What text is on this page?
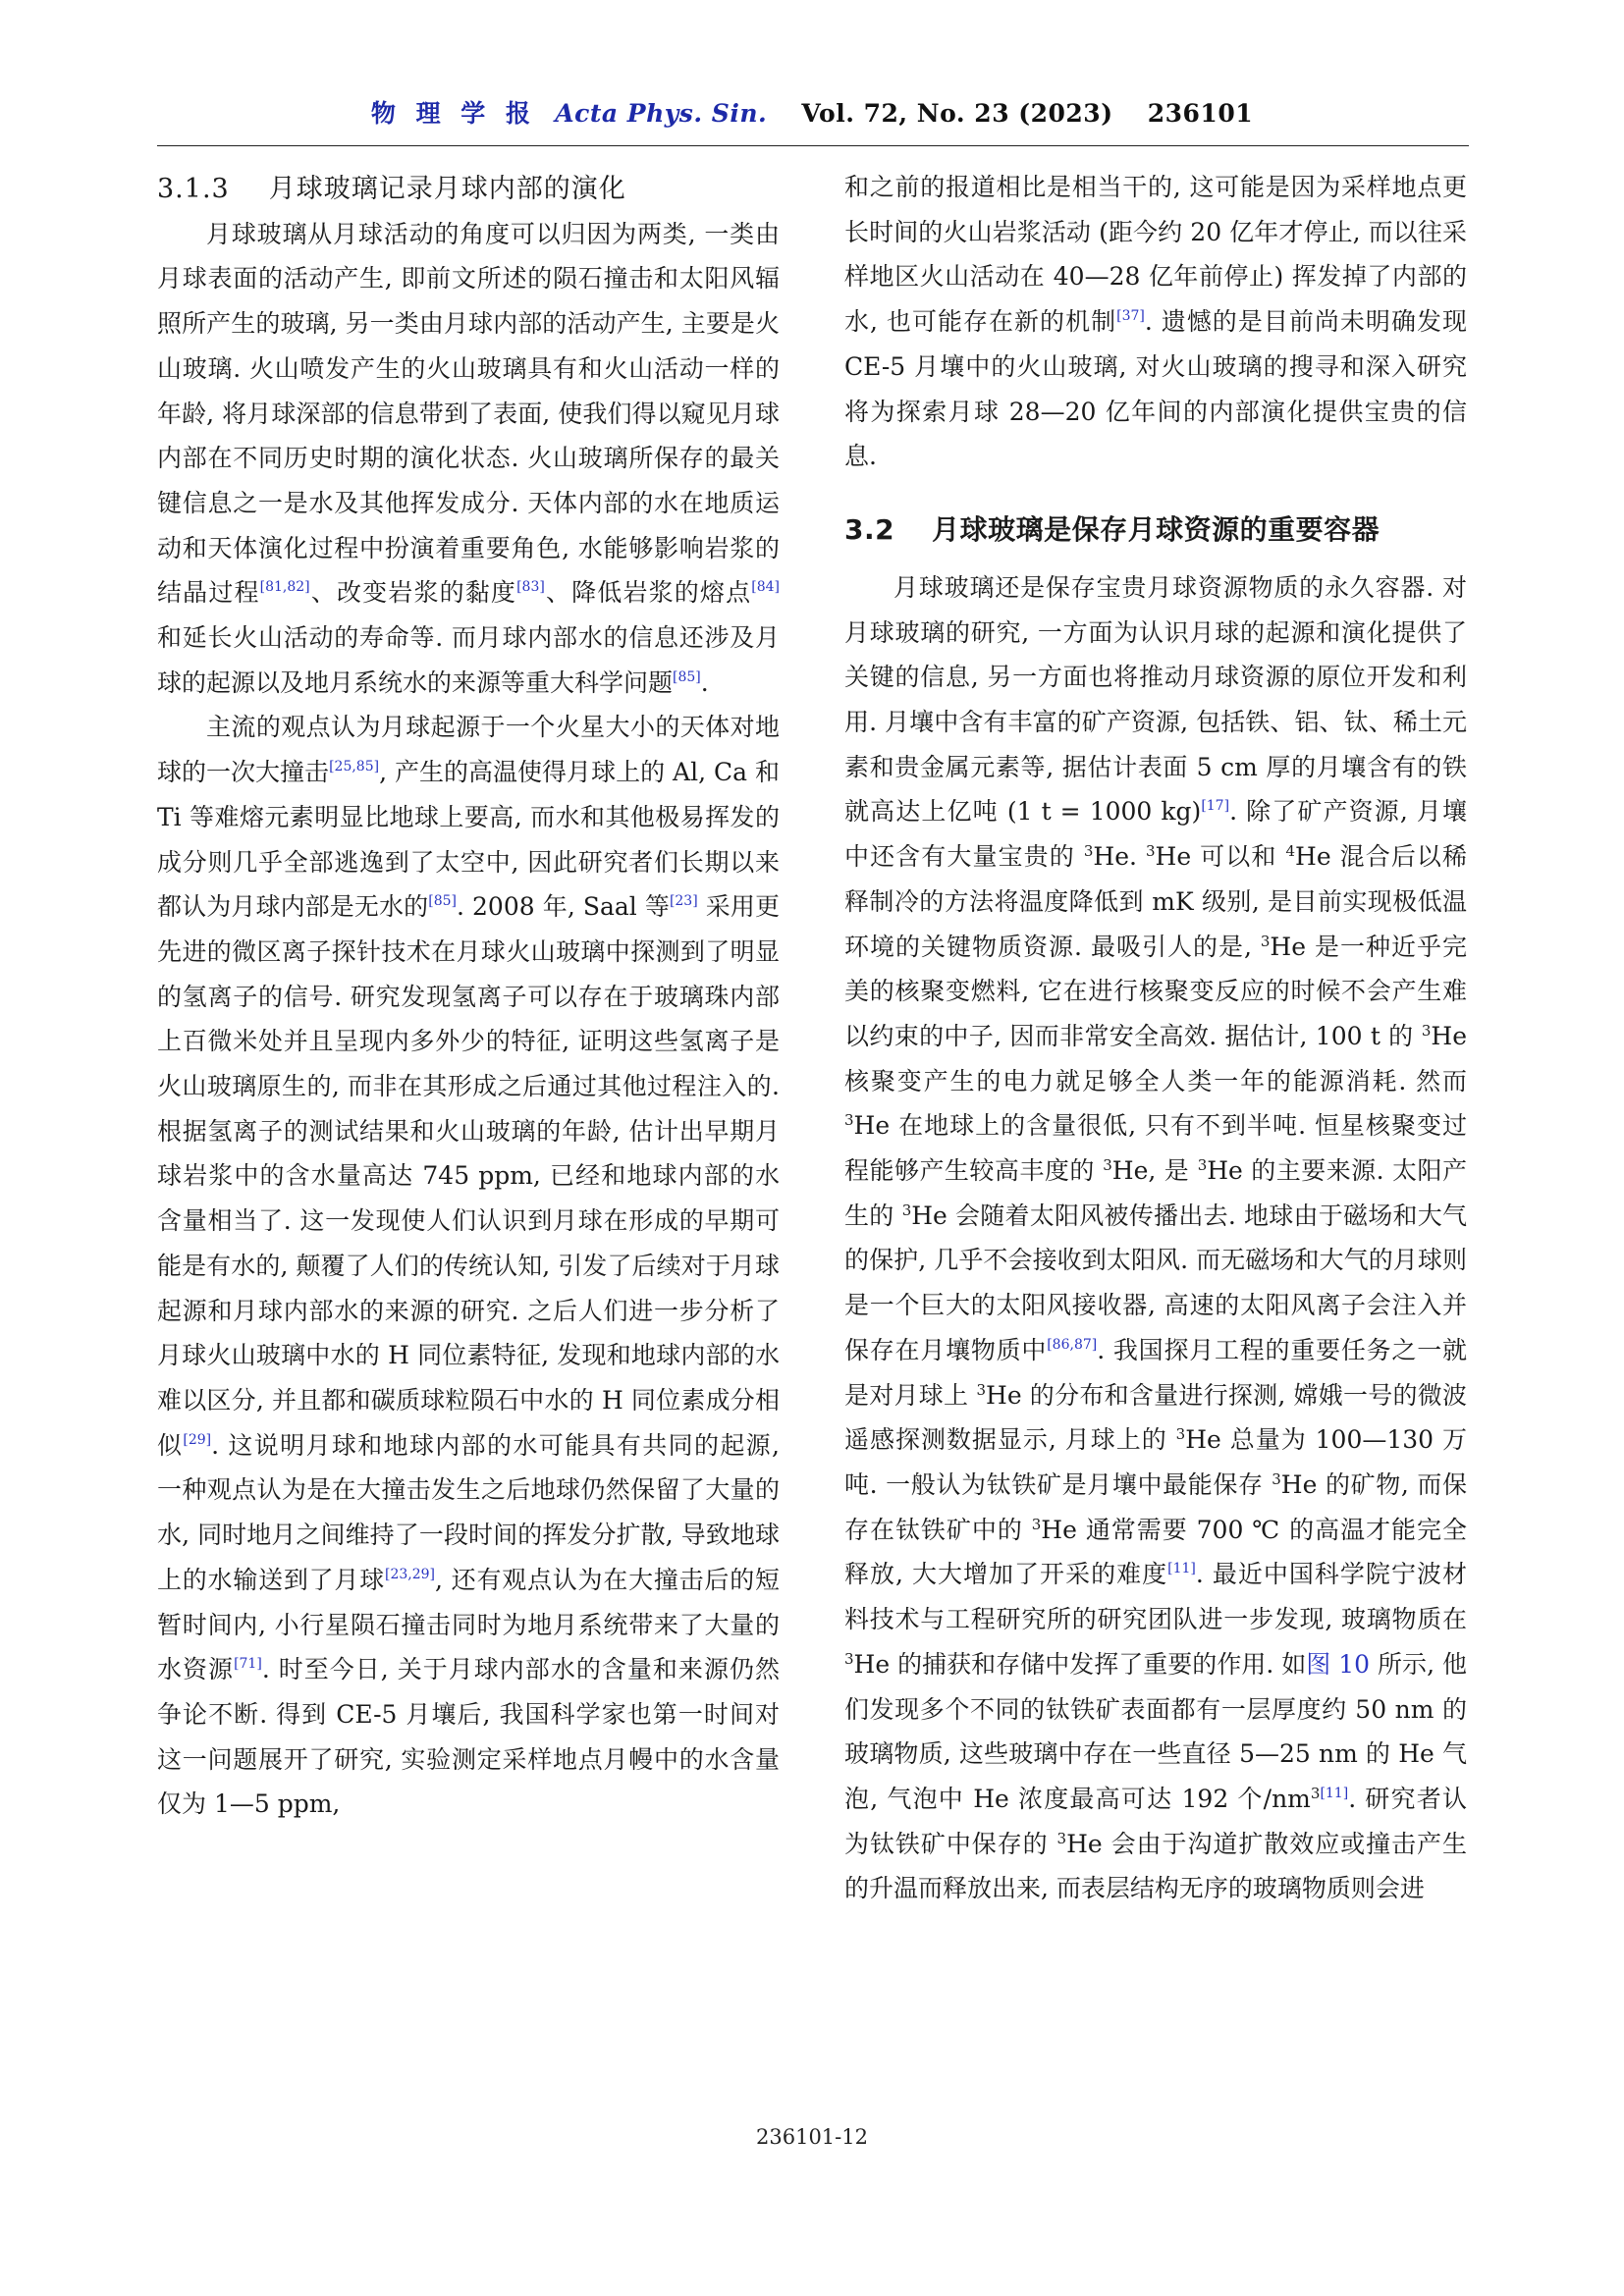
物 理 学 报 Acta Phys. Sin. Vol. 72, No. 23 (2023) 236101
3.1.3 月球玻璃记录月球内部的演化

月球玻璃从月球活动的角度可以归因为两类, 一类由月球表面的活动产生, 即前文所述的陨石撞击和太阳风辐照所产生的玻璃, 另一类由月球内部的活动产生, 主要是火山玻璃. 火山喷发产生的火山玻璃具有和火山活动一样的年龄, 将月球深部的信息带到了表面, 使我们得以窥见月球内部在不同历史时期的演化状态. 火山玻璃所保存的最关键信息之一是水及其他挥发成分. 天体内部的水在地质运动和天体演化过程中扮演着重要角色, 水能够影响岩浆的结晶过程[81,82]、改变岩浆的黏度[83]、降低岩浆的熔点[84] 和延长火山活动的寿命等. 而月球内部水的信息还涉及月球的起源以及地月系统水的来源等重大科学问题[85].

主流的观点认为月球起源于一个火星大小的天体对地球的一次大撞击[25,85], 产生的高温使得月球上的 Al, Ca 和 Ti 等难熔元素明显比地球上要高, 而水和其他极易挥发的成分则几乎全部逃逸到了太空中, 因此研究者们长期以来都认为月球内部是无水的[85]. 2008 年, Saal 等[23] 采用更先进的微区离子探针技术在月球火山玻璃中探测到了明显的氢离子的信号. 研究发现氢离子可以存在于玻璃珠内部上百微米处并且呈现内多外少的特征, 证明这些氢离子是火山玻璃原生的, 而非在其形成之后通过其他过程注入的. 根据氢离子的测试结果和火山玻璃的年龄, 估计出早期月球岩浆中的含水量高达 745 ppm, 已经和地球内部的水含量相当了. 这一发现使人们认识到月球在形成的早期可能是有水的, 颠覆了人们的传统认知, 引发了后续对于月球起源和月球内部水的来源的研究. 之后人们进一步分析了月球火山玻璃中水的 H 同位素特征, 发现和地球内部的水难以区分, 并且都和碳质球粒陨石中水的 H 同位素成分相似[29]. 这说明月球和地球内部的水可能具有共同的起源, 一种观点认为是在大撞击发生之后地球仍然保留了大量的水, 同时地月之间维持了一段时间的挥发分扩散, 导致地球上的水输送到了月球[23,29], 还有观点认为在大撞击后的短暂时间内, 小行星陨石撞击同时为地月系统带来了大量的水资源[71]. 时至今日, 关于月球内部水的含量和来源仍然争论不断. 得到 CE-5 月壤后, 我国科学家也第一时间对这一问题展开了研究, 实验测定采样地点月幔中的水含量仅为 1—5 ppm,

和之前的报道相比是相当干的, 这可能是因为采样地点更长时间的火山岩浆活动 (距今约 20 亿年才停止, 而以往采样地区火山活动在 40—28 亿年前停止) 挥发掉了内部的水, 也可能存在新的机制[37]. 遗憾的是目前尚未明确发现 CE-5 月壤中的火山玻璃, 对火山玻璃的搜寻和深入研究将为探索月球 28—20 亿年间的内部演化提供宝贵的信息.

3.2 月球玻璃是保存月球资源的重要容器

月球玻璃还是保存宝贵月球资源物质的永久容器. 对月球玻璃的研究, 一方面为认识月球的起源和演化提供了关键的信息, 另一方面也将推动月球资源的原位开发和利用. 月壤中含有丰富的矿产资源, 包括铁、铝、钛、稀土元素和贵金属元素等, 据估计表面 5 cm 厚的月壤含有的铁就高达上亿吨 (1 t = 1000 kg)[17]. 除了矿产资源, 月壤中还含有大量宝贵的 $^3$He. $^3$He 可以和 $^4$He 混合后以稀释制冷的方法将温度降低到 mK 级别, 是目前实现极低温环境的关键物质资源. 最吸引人的是, $^3$He 是一种近乎完美的核聚变燃料, 它在进行核聚变反应的时候不会产生难以约束的中子, 因而非常安全高效. 据估计, 100 t 的 $^3$He 核聚变产生的电力就足够全人类一年的能源消耗. 然而 $^3$He 在地球上的含量很低, 只有不到半吨. 恒星核聚变过程能够产生较高丰度的 $^3$He, 是 $^3$He 的主要来源. 太阳产生的 $^3$He 会随着太阳风被传播出去. 地球由于磁场和大气的保护, 几乎不会接收到太阳风. 而无磁场和大气的月球则是一个巨大的太阳风接收器, 高速的太阳风离子会注入并保存在月壤物质中[86,87]. 我国探月工程的重要任务之一就是对月球上 $^3$He 的分布和含量进行探测, 嫦娥一号的微波遥感探测数据显示, 月球上的 $^3$He 总量为 100—130 万吨. 一般认为钛铁矿是月壤中最能保存 $^3$He 的矿物, 而保存在钛铁矿中的 $^3$He 通常需要 700 ℃ 的高温才能完全释放, 大大增加了开采的难度[11]. 最近中国科学院宁波材料技术与工程研究所的研究团队进一步发现, 玻璃物质在 $^3$He 的捕获和存储中发挥了重要的作用. 如图 10 所示, 他们发现多个不同的钛铁矿表面都有一层厚度约 50 nm 的玻璃物质, 这些玻璃中存在一些直径 5—25 nm 的 He 气泡, 气泡中 He 浓度最高可达 192 个/nm$^{3[11]}$. 研究者认为钛铁矿中保存的 $^3$He 会由于沟道扩散效应或撞击产生的升温而释放出来, 而表层结构无序的玻璃物质则会进

236101-12
